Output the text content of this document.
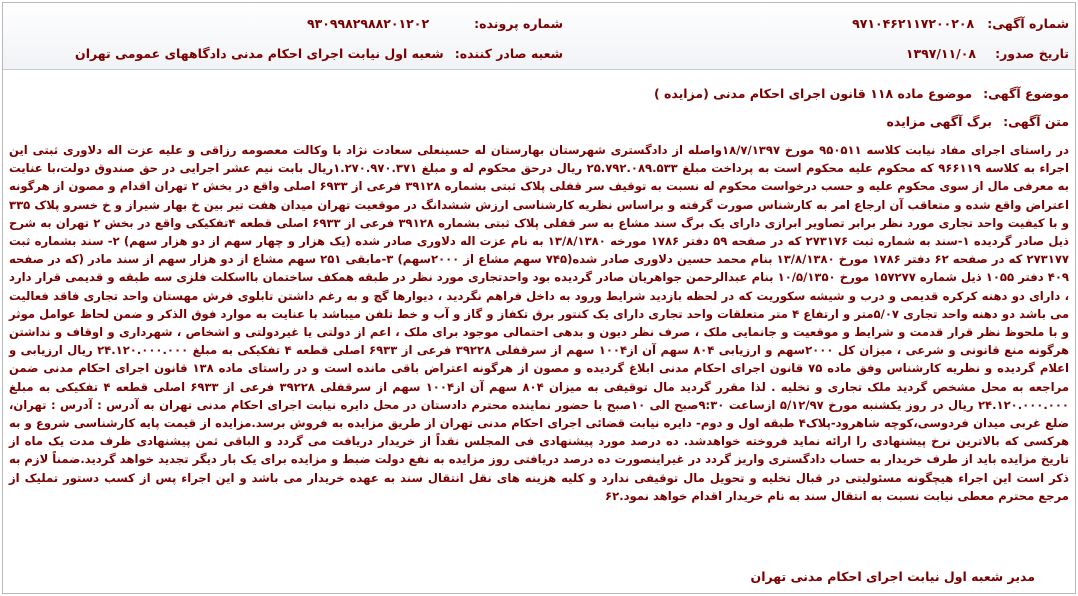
شماره آگهی: ۹۷۱۰۴۶۲۱۱۷۲۰۰۲۰۸
شماره پرونده: ۹۳۰۹۹۸۲۹۸۸۲۰۱۲۰۲
تاریخ صدور: ۱۳۹۷/۱۱/۰۸
شعبه صادر کننده: شعبه اول نیابت اجرای احکام مدنی دادگاههای عمومی تهران
موضوع آگهی: موضوع ماده ۱۱۸ قانون اجرای احکام مدنی (مزایده )
متن آگهی: برگ آگهی مزایده
در راستای اجرای مفاد نیابت کلاسه ۹۵۰۵۱۱ مورخ ۱۸/۷/۱۳۹۷واصله از دادگستری شهرستان بهارستان له حسینعلی سعادت نژاد با وکالت معصومه رزاقی و علیه عزت اله دلاوری ثبتی این اجراء به کلاسه ۹۶۶۱۱۹ که محکوم علیه محکوم است به پرداخت مبلغ ۲۵.۷۹۲.۰۸۹.۵۳۳ ریال درحق محکوم له و مبلغ ۱.۲۷۰.۹۷۰.۳۷۱ریال بابت نیم عشر اجرایی در حق صندوق دولت،با عنایت به معرفی مال از سوی محکوم علیه و حسب درخواست محکوم له نسبت به توقیف سر قفلی پلاک ثبتی بشماره ۳۹۱۲۸ فرعی از ۶۹۳۳ اصلی واقع در بخش ۲ تهران اقدام و مصون از هرگونه اعتراض واقع شده و متعاقب آن ارجاع امر به کارشناس صورت گرفته و براساس نظریه کارشناسی ارزش ششدانگ در موقعیت تهران میدان هفت تیر بین خ بهار شیراز و خ خسرو پلاک ۳۳۵ و با کیفیت واحد تجاری مورد نظر برابر تصاویر ابرازی دارای یک برگ سند مشاع به سر قفلی پلاک ثبتی بشماره ۳۹۱۲۸ فرعی از ۶۹۳۳ اصلی قطعه ۴تفکیکی واقع در بخش ۲ تهران به شرح ذیل صادر گردیده ۱-سند به شماره ثبت ۲۷۳۱۷۶ که در صفحه ۵۹ دفتر ۱۷۸۶ مورخه ۱۳/۸/۱۳۸۰ به نام عزت اله دلاوری صادر شده (یک هزار و چهار سهم از دو هزار سهم) ۲- سند بشماره ثبت ۲۷۳۱۷۷ که در صفحه ۶۲ دفتر ۱۷۸۶ مورخ ۱۳/۸/۱۳۸۰ بنام محمد حسین دلاوری صادر شده(۷۴۵ سهم مشاع از ۲۰۰۰سهم) ۳-مابقی ۲۵۱ سهم مشاع از دو هزار سهم از سند مادر (که در صفحه ۴۰۹ دفتر ۱۰۵۵ ذیل شماره ۱۵۷۲۷۷ مورخ ۱۰/۵/۱۳۵۰ بنام عبدالرحمن جواهریان صادر گردیده بود واحدتجاری مورد نظر در طبقه همکف ساختمان بااسکلت فلزی سه طبقه و قدیمی قرار دارد ، دارای دو دهنه کرکره قدیمی و درب و شیشه سکوریت که در لحظه بازدید شرایط ورود به داخل فراهم نگردید ، دیوارها گچ و به رغم داشتن تابلوی فرش مهستان واحد تجاری فاقد فعالیت می باشد دو دهنه واحد تجاری ۵/۰۷متر و ارتفاع ۴ متر متعلقات واحد تجاری دارای یک کنتور برق تکفاز و گاز و آب و خط تلفن میباشد با عنایت به موارد فوق الذکر و ضمن لحاظ عوامل موثر و با ملحوظ نظر قرار قدمت و شرایط و موقعیت و جانمایی ملک ، صرف نظر دیون و بدهی احتمالی موجود برای ملک ، اعم از دولتی یا غیردولتی و اشخاص ، شهرداری و اوقاف و نداشتن هرگونه منع قانونی و شرعی ، میزان کل ۲۰۰۰سهم و ارزیابی ۸۰۴ سهم آن از۱۰۰۴ سهم از سرقفلی ۳۹۲۲۸ فرعی از ۶۹۳۳ اصلی قطعه ۴ تفکیکی به مبلغ ۲۴.۱۲۰.۰۰۰.۰۰۰ ریال ارزیابی و اعلام گردیده و نظریه کارشناس وفق ماده ۷۵ قانون اجرای احکام مدنی ابلاغ گردیده و مصون از هرگونه اعتراض باقی مانده است و در راستای ماده ۱۳۸ قانون اجرای احکام مدنی ضمن مراجعه به محل مشخص گردید ملک تجاری و تخلیه . لذا مقرر گردید مال توقیفی به میزان ۸۰۴ سهم آن از۱۰۰۴ سهم از سرقفلی ۳۹۲۲۸ فرعی از ۶۹۳۳ اصلی قطعه ۴ تفکیکی به مبلغ ۲۴.۱۲۰.۰۰۰.۰۰۰ ریال در روز یکشنبه مورخ ۵/۱۲/۹۷ ازساعت ۹:۳۰صبح الی ۱۰صبح با حضور نماینده محترم دادستان در محل دایره نیابت اجرای احکام مدنی تهران به آدرس : آدرس : تهران، ضلع غربی میدان فردوسی،کوچه شاهرود-پلاک۴ طبقه اول و دوم- دایره نیابت قضائی اجرای احکام مدنی تهران از طریق مزایده به فروش برسد.مزایده از قیمت پایه کارشناسی شروع و به هرکسی که بالاترین نرخ پیشنهادی را ارائه نماید فروخته خواهدشد. ده درصد مورد پیشنهادی فی المجلس نقداً از خریدار دریافت می گردد و الباقی ثمن پیشنهادی ظرف مدت یک ماه از تاریخ مزایده باید از طرف خریدار به حساب دادگستری واریز گردد در غیراینصورت ده درصد دریافتی روز مزایده به نفع دولت ضبط و مزایده برای یک بار دیگر تجدید خواهد گردید.ضمناً لازم به ذکر است این اجراء هیچگونه مسئولیتی در قبال تخلیه و تحویل مال توقیفی ندارد و کلیه هزینه های نقل انتقال سند به عهده خریدار می باشد و این اجراء پس از کسب دستور تملیک از مرجع محترم معطی نیابت نسبت به انتقال سند به نام خریدار اقدام خواهد نمود.۶۲
مدیر شعبه اول نیابت اجرای احکام مدنی تهران
